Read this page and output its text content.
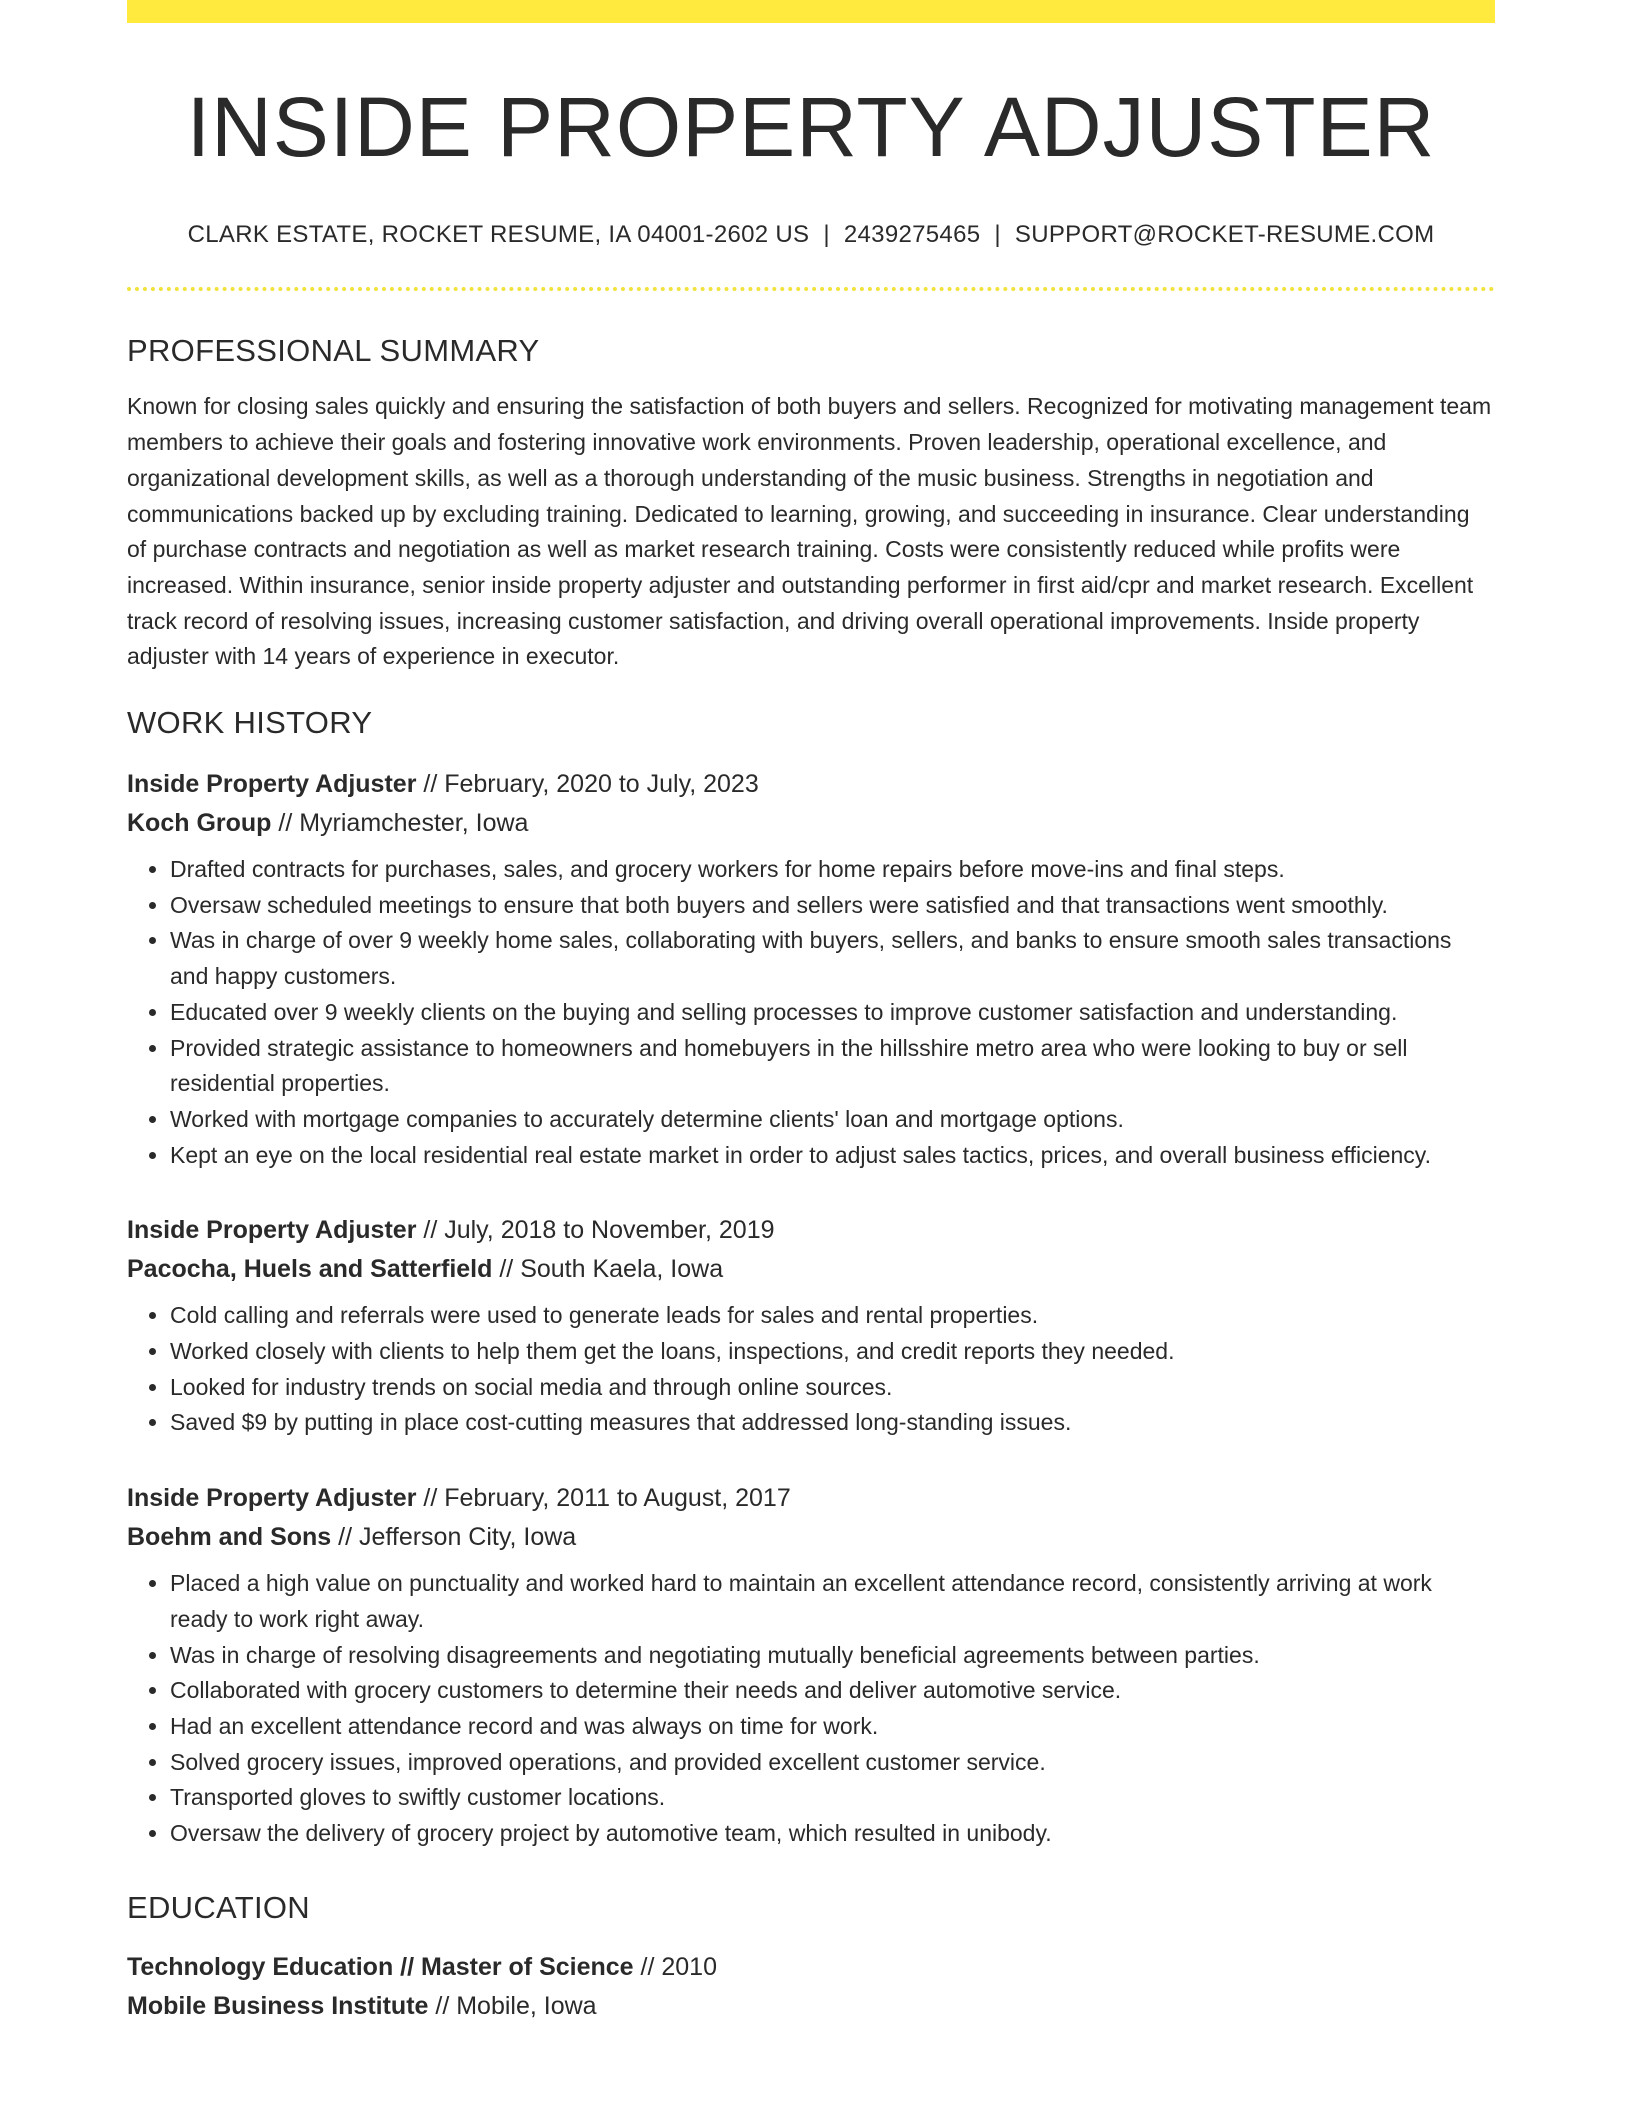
INSIDE PROPERTY ADJUSTER
CLARK ESTATE, ROCKET RESUME, IA 04001-2602 US | 2439275465 | SUPPORT@ROCKET-RESUME.COM
PROFESSIONAL SUMMARY

Known for closing sales quickly and ensuring the satisfaction of both buyers and sellers. Recognized for motivating management team members to achieve their goals and fostering innovative work environments. Proven leadership, operational excellence, and organizational development skills, as well as a thorough understanding of the music business. Strengths in negotiation and communications backed up by excluding training. Dedicated to learning, growing, and succeeding in insurance. Clear understanding of purchase contracts and negotiation as well as market research training. Costs were consistently reduced while profits were increased. Within insurance, senior inside property adjuster and outstanding performer in first aid/cpr and market research. Excellent track record of resolving issues, increasing customer satisfaction, and driving overall operational improvements. Inside property adjuster with 14 years of experience in executor.

WORK HISTORY
Inside Property Adjuster // February, 2020 to July, 2023
Koch Group // Myriamchester, Iowa
• Drafted contracts for purchases, sales, and grocery workers for home repairs before move-ins and final steps.
• Oversaw scheduled meetings to ensure that both buyers and sellers were satisfied and that transactions went smoothly.
• Was in charge of over 9 weekly home sales, collaborating with buyers, sellers, and banks to ensure smooth sales transactions and happy customers.
• Educated over 9 weekly clients on the buying and selling processes to improve customer satisfaction and understanding.
• Provided strategic assistance to homeowners and homebuyers in the hillsshire metro area who were looking to buy or sell residential properties.
• Worked with mortgage companies to accurately determine clients' loan and mortgage options.
• Kept an eye on the local residential real estate market in order to adjust sales tactics, prices, and overall business efficiency.
Inside Property Adjuster // July, 2018 to November, 2019
Pacocha, Huels and Satterfield // South Kaela, Iowa
• Cold calling and referrals were used to generate leads for sales and rental properties.
• Worked closely with clients to help them get the loans, inspections, and credit reports they needed.
• Looked for industry trends on social media and through online sources.
• Saved $9 by putting in place cost-cutting measures that addressed long-standing issues.
Inside Property Adjuster // February, 2011 to August, 2017
Boehm and Sons // Jefferson City, Iowa
• Placed a high value on punctuality and worked hard to maintain an excellent attendance record, consistently arriving at work ready to work right away.
• Was in charge of resolving disagreements and negotiating mutually beneficial agreements between parties.
• Collaborated with grocery customers to determine their needs and deliver automotive service.
• Had an excellent attendance record and was always on time for work.
• Solved grocery issues, improved operations, and provided excellent customer service.
• Transported gloves to swiftly customer locations.
• Oversaw the delivery of grocery project by automotive team, which resulted in unibody.
EDUCATION
Technology Education // Master of Science // 2010
Mobile Business Institute // Mobile, Iowa
